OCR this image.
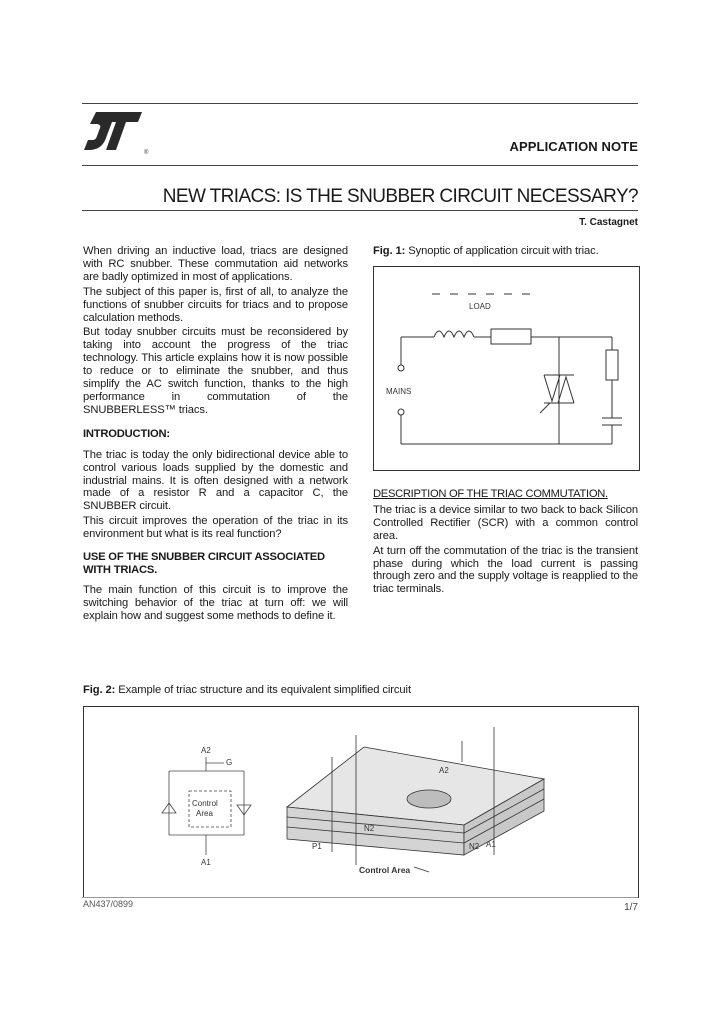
®
ST
APPLICATION NOTE
NEW TRIACS: IS THE SNUBBER CIRCUIT NECESSARY?
T. Castagnet

When driving an inductive load, triacs are designed with RC snubber. These commutation aid networks are badly optimized in most of applications.

The subject of this paper is, first of all, to analyze the functions of snubber circuits for triacs and to propose calculation methods.

But today snubber circuits must be reconsidered by taking into account the progress of the triac technology. This article explains how it is now possible to reduce or to eliminate the snubber, and thus simplify the AC switch function, thanks to the high performance in commutation of the SNUBBERLESS™ triacs.

INTRODUCTION:

The triac is today the only bidirectional device able to control various loads supplied by the domestic and industrial mains. It is often designed with a network made of a resistor R and a capacitor C, the SNUBBER circuit.

This circuit improves the operation of the triac in its environment but what is its real function?

USE OF THE SNUBBER CIRCUIT ASSOCIATED WITH TRIACS.

The main function of this circuit is to improve the switching behavior of the triac at turn off: we will explain how and suggest some methods to define it.

Fig. 1: Synoptic of application circuit with triac.
LOAD
MAINS

DESCRIPTION OF THE TRIAC COMMUTATION.

The triac is a device similar to two back to back Silicon Controlled Rectifier (SCR) with a common control area.

At turn off the commutation of the triac is the transient phase during which the load current is passing through zero and the supply voltage is reapplied to the triac terminals.

Fig. 2: Example of triac structure and its equivalent simplified circuit
A2
G
A1
Control
Area
Control Area
N2
P1	N2
A2
A1
AN437/0899	1/7
